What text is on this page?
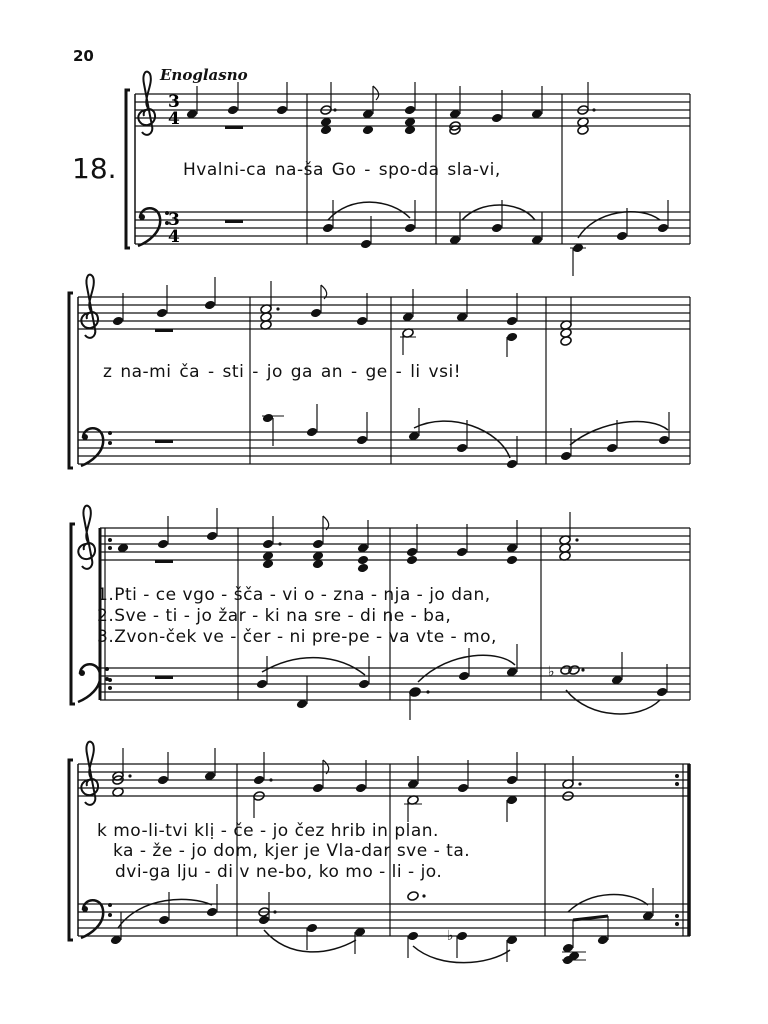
20
Enoglasno
18.	Hvalni-ca na-ša Go - spo-da sla-vi,
z na-mi ča - sti - jo ga an - ge - li vsi!
1.Pti - ce vgo - šča - vi o - zna - nja - jo dan,
2.Sve - ti - jo žar - ki na sre - di ne - ba,
3.Zvon-ček ve - čer - ni pre-pe - va vte - mo,
k mo-li-tvi klị - če - jo čez hrib in plan.
ka - že - jo dom, kjer je Vla-dar sve - ta.
dvi-ga lju - di v ne-bo, ko mo - li - jo.
3
4
3
4
♭
♭
